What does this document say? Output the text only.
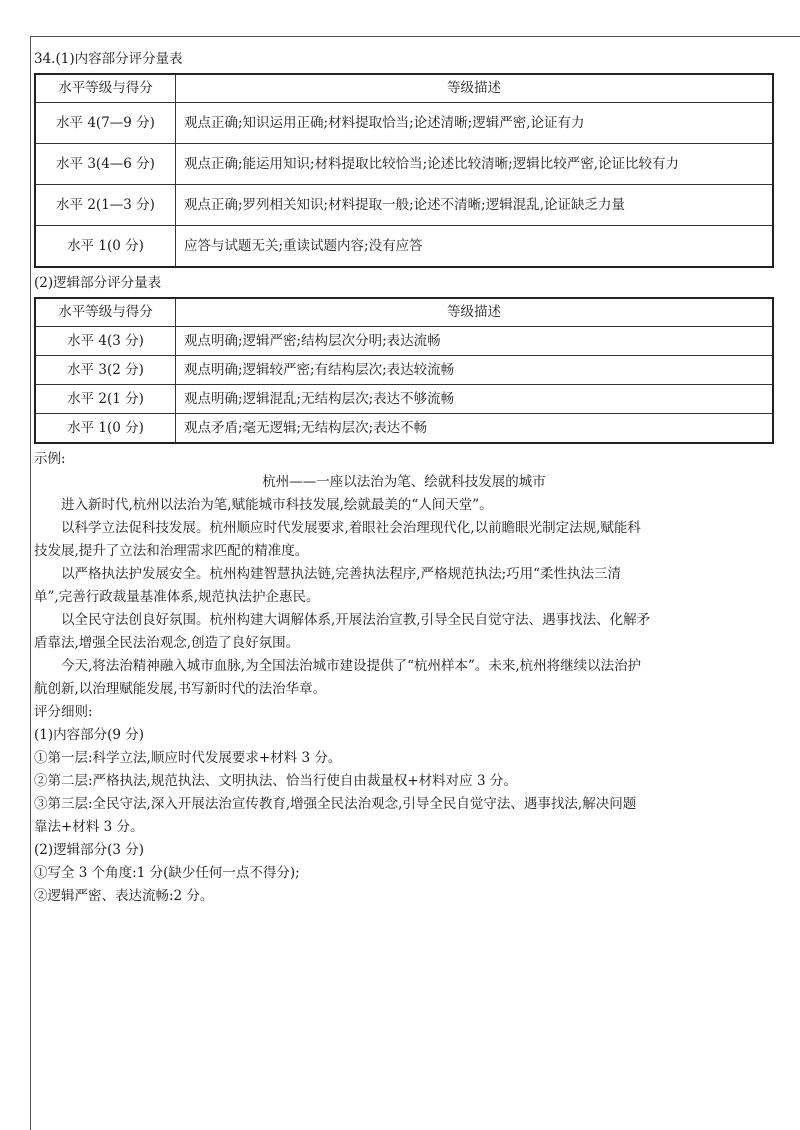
34.(1)内容部分评分量表
水平等级与得分	等级描述
水平 4(7—9 分)	观点正确;知识运用正确;材料提取恰当;论述清晰;逻辑严密,论证有力
水平 3(4—6 分)	观点正确;能运用知识;材料提取比较恰当;论述比较清晰;逻辑比较严密,论证比较有力
水平 2(1—3 分)	观点正确;罗列相关知识;材料提取一般;论述不清晰;逻辑混乱,论证缺乏力量
水平 1(0 分)	应答与试题无关;重读试题内容;没有应答
(2)逻辑部分评分量表
水平等级与得分	等级描述
水平 4(3 分)	观点明确;逻辑严密;结构层次分明;表达流畅
水平 3(2 分)	观点明确;逻辑较严密;有结构层次;表达较流畅
水平 2(1 分)	观点明确;逻辑混乱;无结构层次;表达不够流畅
水平 1(0 分)	观点矛盾;毫无逻辑;无结构层次;表达不畅
示例:
杭州——一座以法治为笔、绘就科技发展的城市
进入新时代,杭州以法治为笔,赋能城市科技发展,绘就最美的“人间天堂”。
以科学立法促科技发展。杭州顺应时代发展要求,着眼社会治理现代化,以前瞻眼光制定法规,赋能科
技发展,提升了立法和治理需求匹配的精准度。
以严格执法护发展安全。杭州构建智慧执法链,完善执法程序,严格规范执法;巧用“柔性执法三清
单”,完善行政裁量基准体系,规范执法护企惠民。
以全民守法创良好氛围。杭州构建大调解体系,开展法治宣教,引导全民自觉守法、遇事找法、化解矛
盾靠法,增强全民法治观念,创造了良好氛围。
今天,将法治精神融入城市血脉,为全国法治城市建设提供了“杭州样本”。未来,杭州将继续以法治护
航创新,以治理赋能发展,书写新时代的法治华章。
评分细则:
(1)内容部分(9 分)
①第一层:科学立法,顺应时代发展要求+材料 3 分。
②第二层:严格执法,规范执法、文明执法、恰当行使自由裁量权+材料对应 3 分。
③第三层:全民守法,深入开展法治宣传教育,增强全民法治观念,引导全民自觉守法、遇事找法,解决问题
靠法+材料 3 分。
(2)逻辑部分(3 分)
①写全 3 个角度:1 分(缺少任何一点不得分);
②逻辑严密、表达流畅:2 分。
